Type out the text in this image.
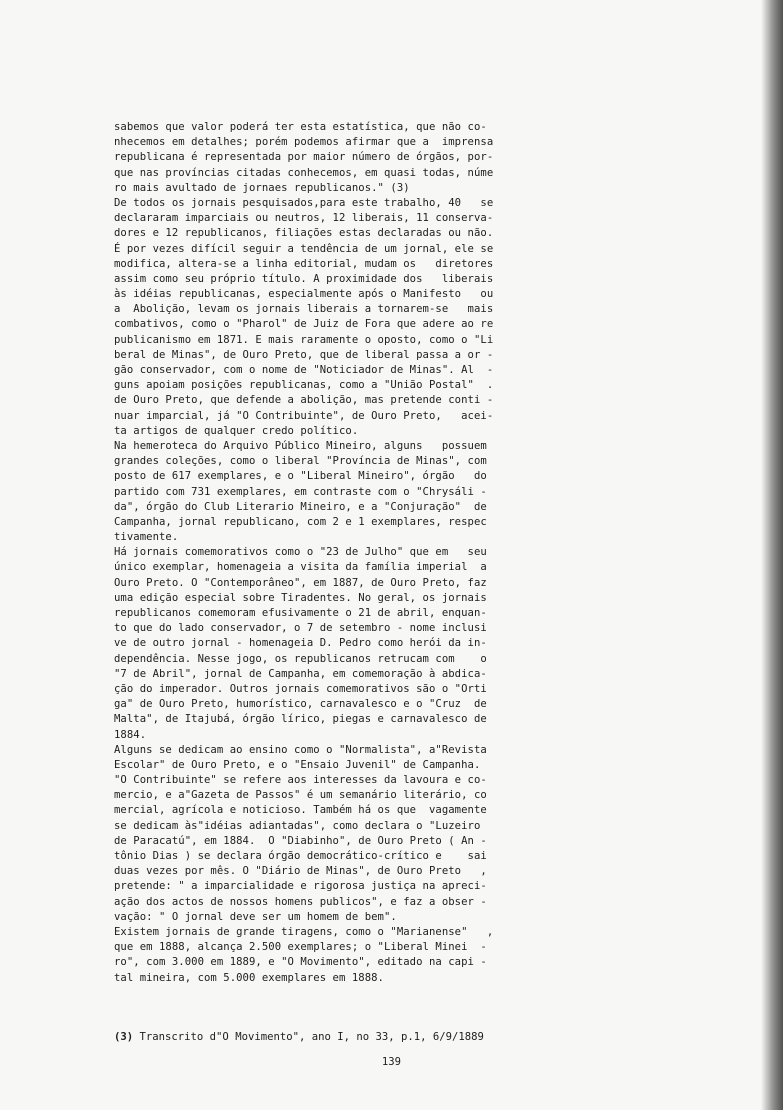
sabemos que valor poderá ter esta estatística, que não co-
nhecemos em detalhes; porém podemos afirmar que a  imprensa
republicana é representada por maior número de órgãos, por-
que nas províncias citadas conhecemos, em quasi todas, núme
ro mais avultado de jornaes republicanos." (3)
De todos os jornais pesquisados,para este trabalho, 40   se
declararam imparciais ou neutros, 12 liberais, 11 conserva-
dores e 12 republicanos, filiações estas declaradas ou não.
É por vezes difícil seguir a tendência de um jornal, ele se
modifica, altera-se a linha editorial, mudam os   diretores
assim como seu próprio título. A proximidade dos   liberais
às idéias republicanas, especialmente após o Manifesto   ou
a  Abolição, levam os jornais liberais a tornarem-se   mais
combativos, como o "Pharol" de Juiz de Fora que adere ao re
publicanismo em 1871. E mais raramente o oposto, como o "Li
beral de Minas", de Ouro Preto, que de liberal passa a or -
gão conservador, com o nome de "Noticiador de Minas". Al  -
guns apoiam posições republicanas, como a "União Postal"  .
de Ouro Preto, que defende a abolição, mas pretende conti -
nuar imparcial, já "O Contribuinte", de Ouro Preto,   acei-
ta artigos de qualquer credo político.
Na hemeroteca do Arquivo Público Mineiro, alguns   possuem
grandes coleções, como o liberal "Província de Minas", com
posto de 617 exemplares, e o "Liberal Mineiro", órgão   do
partido com 731 exemplares, em contraste com o "Chrysáli -
da", órgão do Club Literario Mineiro, e a "Conjuração"  de
Campanha, jornal republicano, com 2 e 1 exemplares, respec
tivamente.
Há jornais comemorativos como o "23 de Julho" que em   seu
único exemplar, homenageia a visita da família imperial  a
Ouro Preto. O "Contemporâneo", em 1887, de Ouro Preto, faz
uma edição especial sobre Tiradentes. No geral, os jornais
republicanos comemoram efusivamente o 21 de abril, enquan-
to que do lado conservador, o 7 de setembro - nome inclusi
ve de outro jornal - homenageia D. Pedro como herói da in-
dependência. Nesse jogo, os republicanos retrucam com    o
"7 de Abril", jornal de Campanha, em comemoração à abdica-
ção do imperador. Outros jornais comemorativos são o "Orti
ga" de Ouro Preto, humorístico, carnavalesco e o "Cruz  de
Malta", de Itajubá, órgão lírico, piegas e carnavalesco de
1884.
Alguns se dedicam ao ensino como o "Normalista", a"Revista
Escolar" de Ouro Preto, e o "Ensaio Juvenil" de Campanha.
"O Contribuinte" se refere aos interesses da lavoura e co-
mercio, e a"Gazeta de Passos" é um semanário literário, co
mercial, agrícola e noticioso. Também há os que  vagamente
se dedicam às"idéias adiantadas", como declara o "Luzeiro
de Paracatú", em 1884.  O "Diabinho", de Ouro Preto ( An -
tônio Dias ) se declara órgão democrático-crítico e    sai
duas vezes por mês. O "Diário de Minas", de Ouro Preto   ,
pretende: " a imparcialidade e rigorosa justiça na apreci-
ação dos actos de nossos homens publicos", e faz a obser -
vação: " O jornal deve ser um homem de bem".
Existem jornais de grande tiragens, como o "Marianense"   ,
que em 1888, alcança 2.500 exemplares; o "Liberal Minei  -
ro", com 3.000 em 1889, e "O Movimento", editado na capi -
tal mineira, com 5.000 exemplares em 1888.
(3) Transcrito d"O Movimento", ano I, no 33, p.1, 6/9/1889
139
